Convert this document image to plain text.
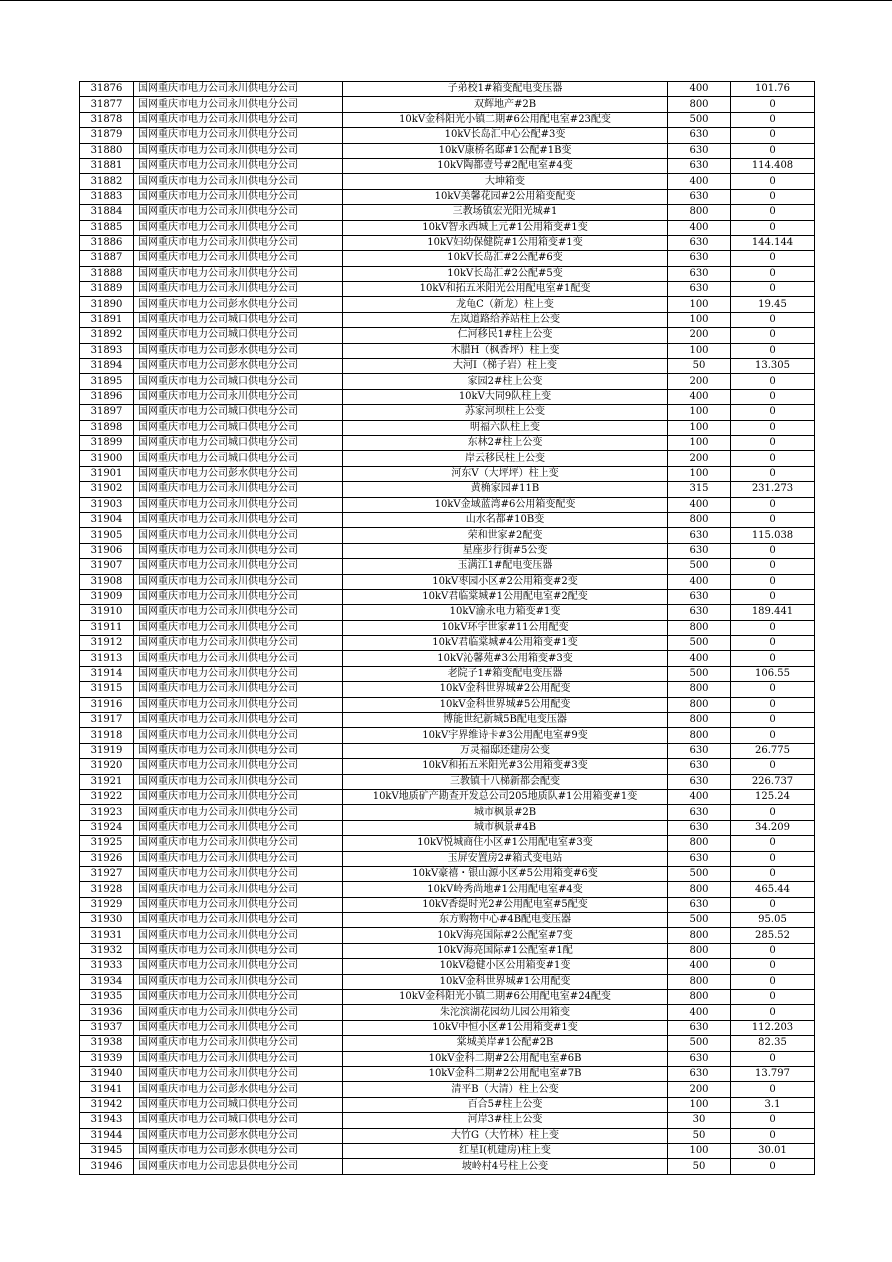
31876	国网重庆市电力公司永川供电分公司	子弟校1#箱变配电变压器	400	101.76
31877	国网重庆市电力公司永川供电分公司	双辉地产#2B	800	0
31878	国网重庆市电力公司永川供电分公司	10kV金科阳光小镇二期#6公用配电室#23配变	500	0
31879	国网重庆市电力公司永川供电分公司	10kV长岛汇中心公配#3变	630	0
31880	国网重庆市电力公司永川供电分公司	10kV康桥名邸#1公配#1B变	630	0
31881	国网重庆市电力公司永川供电分公司	10kV陶都壹号#2配电室#4变	630	114.408
31882	国网重庆市电力公司永川供电分公司	大坤箱变	400	0
31883	国网重庆市电力公司永川供电分公司	10kV美馨花园#2公用箱变配变	630	0
31884	国网重庆市电力公司永川供电分公司	三教场镇宏光阳光城#1	800	0
31885	国网重庆市电力公司永川供电分公司	10kV智永西城上元#1公用箱变#1变	400	0
31886	国网重庆市电力公司永川供电分公司	10kV妇幼保健院#1公用箱变#1变	630	144.144
31887	国网重庆市电力公司永川供电分公司	10kV长岛汇#2公配#6变	630	0
31888	国网重庆市电力公司永川供电分公司	10kV长岛汇#2公配#5变	630	0
31889	国网重庆市电力公司永川供电分公司	10kV和拓五米阳光公用配电室#1配变	630	0
31890	国网重庆市电力公司彭水供电分公司	龙龟C（新龙）柱上变	100	19.45
31891	国网重庆市电力公司城口供电分公司	左岚道路给养站柱上公变	100	0
31892	国网重庆市电力公司城口供电分公司	仁河移民1#柱上公变	200	0
31893	国网重庆市电力公司彭水供电分公司	木腊H（枫香坪）柱上变	100	0
31894	国网重庆市电力公司彭水供电分公司	大河I（梯子岩）柱上变	50	13.305
31895	国网重庆市电力公司城口供电分公司	家园2#柱上公变	200	0
31896	国网重庆市电力公司永川供电分公司	10kV大同9队柱上变	400	0
31897	国网重庆市电力公司城口供电分公司	苏家河坝柱上公变	100	0
31898	国网重庆市电力公司城口供电分公司	明福六队柱上变	100	0
31899	国网重庆市电力公司城口供电分公司	东林2#柱上公变	100	0
31900	国网重庆市电力公司城口供电分公司	岸云移民柱上公变	200	0
31901	国网重庆市电力公司彭水供电分公司	河东V（大坪坪）柱上变	100	0
31902	国网重庆市电力公司永川供电分公司	黄桷家园#11B	315	231.273
31903	国网重庆市电力公司永川供电分公司	10kV金域蓝湾#6公用箱变配变	400	0
31904	国网重庆市电力公司永川供电分公司	山水名都#10B变	800	0
31905	国网重庆市电力公司永川供电分公司	荣和世家#2配变	630	115.038
31906	国网重庆市电力公司永川供电分公司	星座步行街#5公变	630	0
31907	国网重庆市电力公司永川供电分公司	玉满江1#配电变压器	500	0
31908	国网重庆市电力公司永川供电分公司	10kV枣园小区#2公用箱变#2变	400	0
31909	国网重庆市电力公司永川供电分公司	10kV君临棠城#1公用配电室#2配变	630	0
31910	国网重庆市电力公司永川供电分公司	10kV渝永电力箱变#1变	630	189.441
31911	国网重庆市电力公司永川供电分公司	10kV环宇世家#11公用配变	800	0
31912	国网重庆市电力公司永川供电分公司	10kV君临棠城#4公用箱变#1变	500	0
31913	国网重庆市电力公司永川供电分公司	10kV沁馨苑#3公用箱变#3变	400	0
31914	国网重庆市电力公司永川供电分公司	老院子1#箱变配电变压器	500	106.55
31915	国网重庆市电力公司永川供电分公司	10kV金科世界城#2公用配变	800	0
31916	国网重庆市电力公司永川供电分公司	10kV金科世界城#5公用配变	800	0
31917	国网重庆市电力公司永川供电分公司	博能世纪新城5B配电变压器	800	0
31918	国网重庆市电力公司永川供电分公司	10kV宇界维诗卡#3公用配电室#9变	800	0
31919	国网重庆市电力公司永川供电分公司	万灵福邸还建房公变	630	26.775
31920	国网重庆市电力公司永川供电分公司	10kV和拓五米阳光#3公用箱变#3变	630	0
31921	国网重庆市电力公司永川供电分公司	三教镇十八梯新都会配变	630	226.737
31922	国网重庆市电力公司永川供电分公司	10kV地质矿产勘查开发总公司205地质队#1公用箱变#1变	400	125.24
31923	国网重庆市电力公司永川供电分公司	城市枫景#2B	630	0
31924	国网重庆市电力公司永川供电分公司	城市枫景#4B	630	34.209
31925	国网重庆市电力公司永川供电分公司	10kV悦城商住小区#1公用配电室#3变	800	0
31926	国网重庆市电力公司永川供电分公司	玉屏安置房2#箱式变电站	630	0
31927	国网重庆市电力公司永川供电分公司	10kV豪禧・银山源小区#5公用箱变#6变	500	0
31928	国网重庆市电力公司永川供电分公司	10kV岭秀尚地#1公用配电室#4变	800	465.44
31929	国网重庆市电力公司永川供电分公司	10kV香缇时光2#公用配电室#5配变	630	0
31930	国网重庆市电力公司永川供电分公司	东方购物中心#4B配电变压器	500	95.05
31931	国网重庆市电力公司永川供电分公司	10kV海亮国际#2公配室#7变	800	285.52
31932	国网重庆市电力公司永川供电分公司	10kV海亮国际#1公配室#1配	800	0
31933	国网重庆市电力公司永川供电分公司	10kV稳健小区公用箱变#1变	400	0
31934	国网重庆市电力公司永川供电分公司	10kV金科世界城#1公用配变	800	0
31935	国网重庆市电力公司永川供电分公司	10kV金科阳光小镇二期#6公用配电室#24配变	800	0
31936	国网重庆市电力公司永川供电分公司	朱沱滨湖花园幼儿园公用箱变	400	0
31937	国网重庆市电力公司永川供电分公司	10kV中恒小区#1公用箱变#1变	630	112.203
31938	国网重庆市电力公司永川供电分公司	棠城美岸#1公配#2B	500	82.35
31939	国网重庆市电力公司永川供电分公司	10kV金科二期#2公用配电室#6B	630	0
31940	国网重庆市电力公司永川供电分公司	10kV金科二期#2公用配电室#7B	630	13.797
31941	国网重庆市电力公司彭水供电分公司	清平B（大清）柱上公变	200	0
31942	国网重庆市电力公司城口供电分公司	百合5#柱上公变	100	3.1
31943	国网重庆市电力公司城口供电分公司	河岸3#柱上公变	30	0
31944	国网重庆市电力公司彭水供电分公司	大竹G（大竹林）柱上变	50	0
31945	国网重庆市电力公司彭水供电分公司	红星I(机建房)柱上变	100	30.01
31946	国网重庆市电力公司忠县供电分公司	坡岭村4号柱上公变	50	0
